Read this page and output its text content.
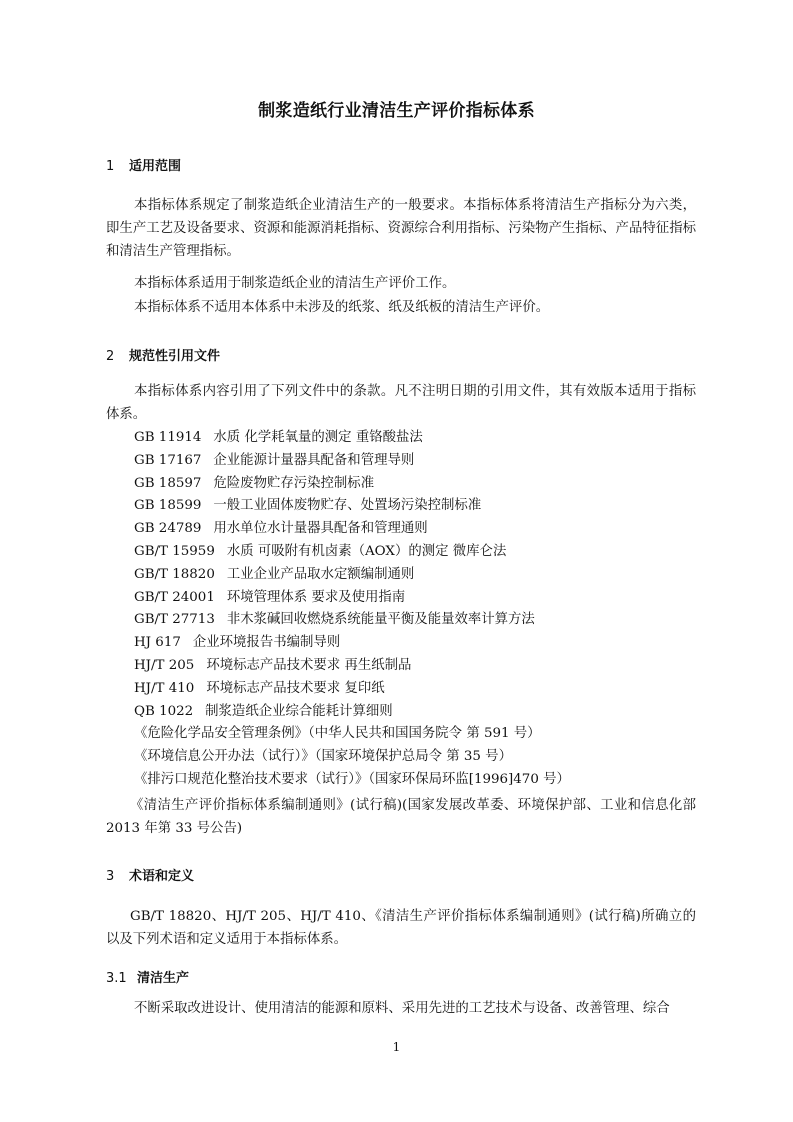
制浆造纸行业清洁生产评价指标体系
1 适用范围
本指标体系规定了制浆造纸企业清洁生产的一般要求。本指标体系将清洁生产指标分为六类，即生产工艺及设备要求、资源和能源消耗指标、资源综合利用指标、污染物产生指标、产品特征指标和清洁生产管理指标。
本指标体系适用于制浆造纸企业的清洁生产评价工作。
本指标体系不适用本体系中未涉及的纸浆、纸及纸板的清洁生产评价。
2 规范性引用文件
本指标体系内容引用了下列文件中的条款。凡不注明日期的引用文件，其有效版本适用于指标体系。
GB 11914 水质 化学耗氧量的测定 重铬酸盐法
GB 17167 企业能源计量器具配备和管理导则
GB 18597 危险废物贮存污染控制标准
GB 18599 一般工业固体废物贮存、处置场污染控制标准
GB 24789 用水单位水计量器具配备和管理通则
GB/T 15959 水质 可吸附有机卤素（AOX）的测定 微库仑法
GB/T 18820 工业企业产品取水定额编制通则
GB/T 24001 环境管理体系 要求及使用指南
GB/T 27713 非木浆碱回收燃烧系统能量平衡及能量效率计算方法
HJ 617 企业环境报告书编制导则
HJ/T 205 环境标志产品技术要求 再生纸制品
HJ/T 410 环境标志产品技术要求 复印纸
QB 1022 制浆造纸企业综合能耗计算细则
《危险化学品安全管理条例》（中华人民共和国国务院令 第 591 号）
《环境信息公开办法（试行）》（国家环境保护总局令 第 35 号）
《排污口规范化整治技术要求（试行）》（国家环保局环监[1996]470 号）
《清洁生产评价指标体系编制通则》(试行稿)(国家发展改革委、环境保护部、工业和信息化部 2013 年第 33 号公告)
3 术语和定义
GB/T 18820、HJ/T 205、HJ/T 410、《清洁生产评价指标体系编制通则》(试行稿)所确立的以及下列术语和定义适用于本指标体系。
3.1 清洁生产
不断采取改进设计、使用清洁的能源和原料、采用先进的工艺技术与设备、改善管理、综合
1
